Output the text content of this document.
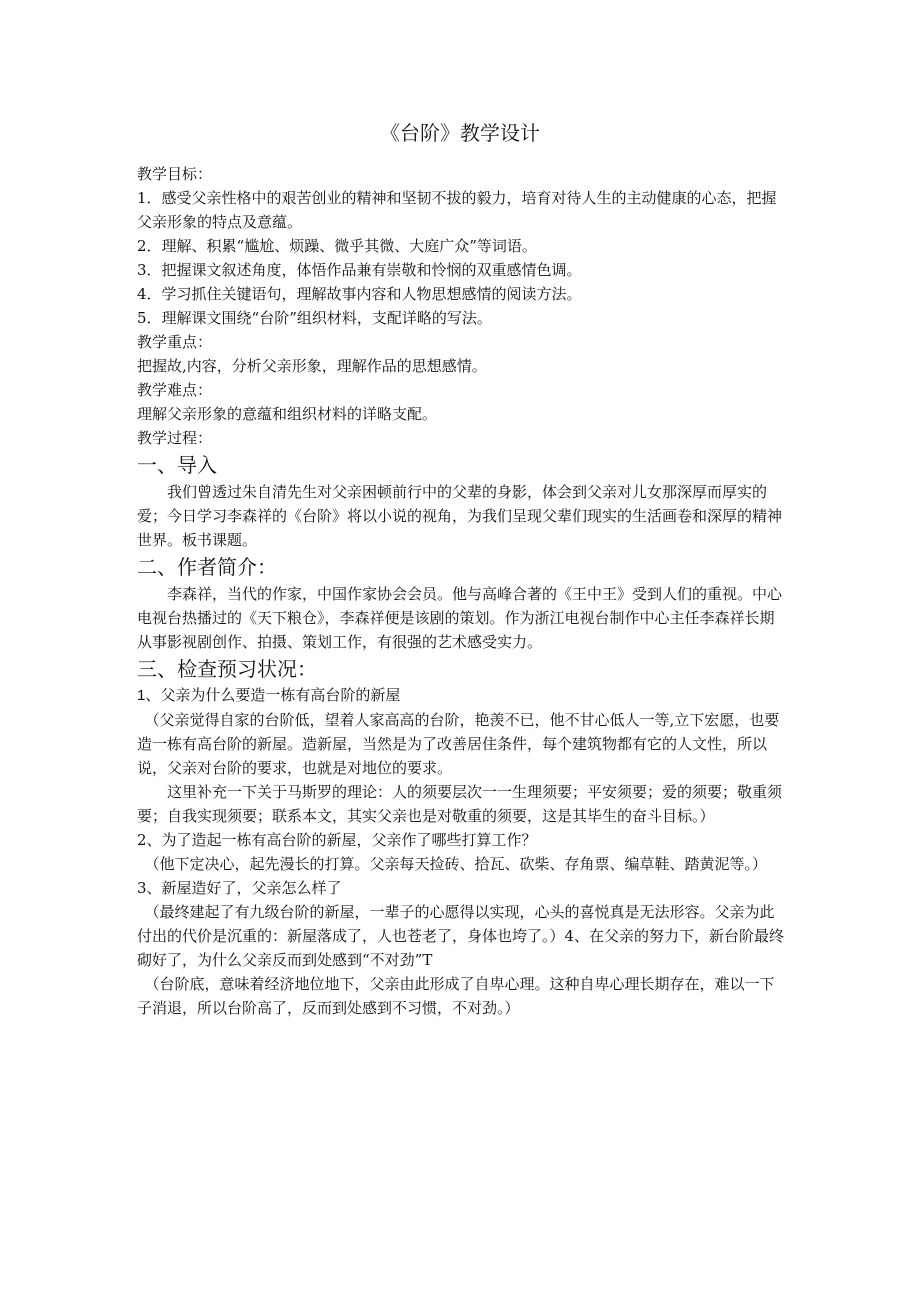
《台阶》教学设计

教学目标：

1．感受父亲性格中的艰苦创业的精神和坚韧不拔的毅力，培育对待人生的主动健康的心态，把握父亲形象的特点及意蕴。

2．理解、积累“尴尬、烦躁、微乎其微、大庭广众”等词语。

3．把握课文叙述角度，体悟作品兼有崇敬和怜悯的双重感情色调。

4．学习抓住关键语句，理解故事内容和人物思想感情的阅读方法。

5．理解课文围绕“台阶”组织材料，支配详略的写法。

教学重点：

把握故,内容，分析父亲形象，理解作品的思想感情。

教学难点：

理解父亲形象的意蕴和组织材料的详略支配。

教学过程：

一、导入

我们曾透过朱自清先生对父亲困顿前行中的父辈的身影，体会到父亲对儿女那深厚而厚实的爱；今日学习李森祥的《台阶》将以小说的视角，为我们呈现父辈们现实的生活画卷和深厚的精神世界。板书课题。

二、作者简介：

李森祥，当代的作家，中国作家协会会员。他与高峰合著的《王中王》受到人们的重视。中心电视台热播过的《天下粮仓》，李森祥便是该剧的策划。作为浙江电视台制作中心主任李森祥长期从事影视剧创作、拍摄、策划工作，有很强的艺术感受实力。

三、检查预习状况：

1、父亲为什么要造一栋有高台阶的新屋

（父亲觉得自家的台阶低，望着人家高高的台阶，艳羡不已，他不甘心低人一等,立下宏愿，也要造一栋有高台阶的新屋。造新屋，当然是为了改善居住条件，每个建筑物都有它的人文性，所以说，父亲对台阶的要求，也就是对地位的要求。

这里补充一下关于马斯罗的理论：人的须要层次一一生理须要；平安须要；爱的须要；敬重须要；自我实现须要；联系本文，其实父亲也是对敬重的须要，这是其毕生的奋斗目标。）

2、为了造起一栋有高台阶的新屋，父亲作了哪些打算工作？

（他下定决心，起先漫长的打算。父亲每天捡砖、拾瓦、砍柴、存角票、编草鞋、踏黄泥等。）

3、新屋造好了，父亲怎么样了

（最终建起了有九级台阶的新屋，一辈子的心愿得以实现，心头的喜悦真是无法形容。父亲为此付出的代价是沉重的：新屋落成了，人也苍老了，身体也垮了。）4、在父亲的努力下，新台阶最终砌好了，为什么父亲反而到处感到“不对劲”T

（台阶底，意味着经济地位地下，父亲由此形成了自卑心理。这种自卑心理长期存在，难以一下子消退，所以台阶高了，反而到处感到不习惯，不对劲。）
